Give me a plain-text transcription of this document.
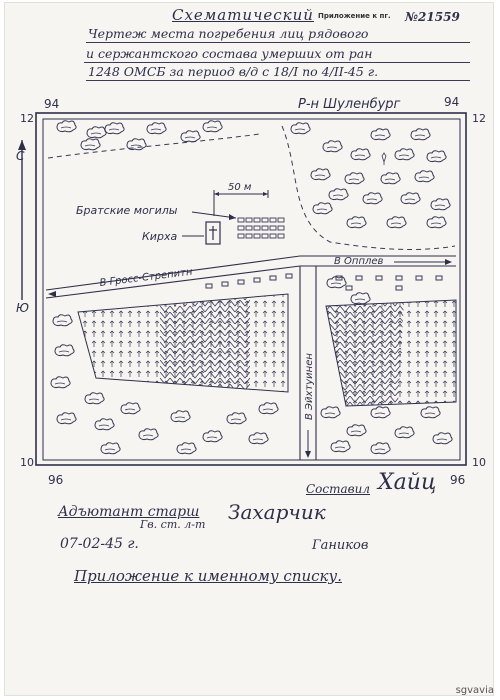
Схематический Приложение к пг. №21559
Чертеж места погребения лиц рядового
и сержантского состава умерших от ран
1248 ОМСБ за период в/д с 18/I по 4/II-45 г.
94
12
94
12
10
96
10
96
Р-н Шуленбург
С
Ю
50 м
Братские могилы
Кирха
В Опплев
В Гросс-Стрепитн
В Эйхтуинен
Составил Хайц
Адъютант старш
Гв. ст. л-т
Захарчик
07-02-45 г.	Гаников
Приложение к именному списку.
sgvavia
